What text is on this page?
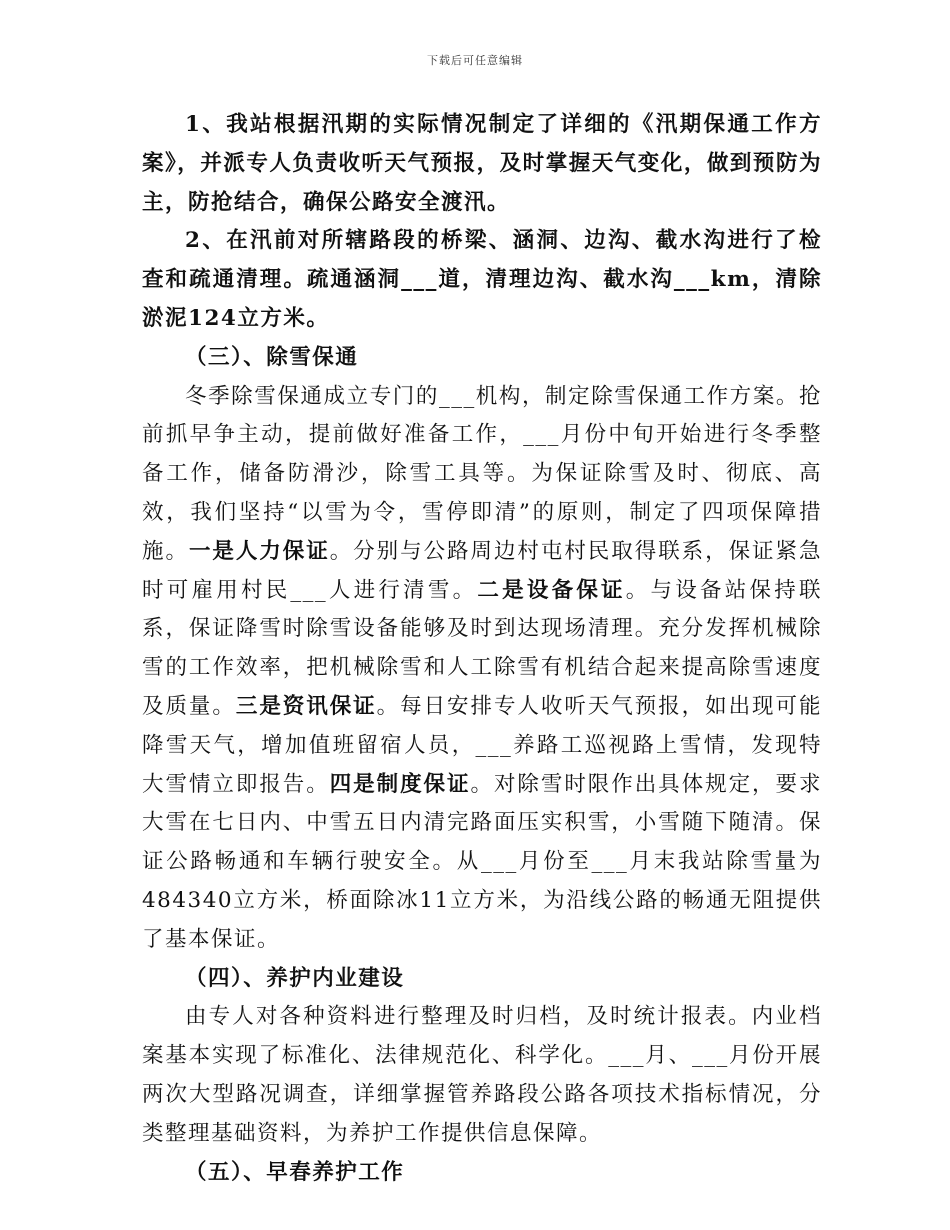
下载后可任意编辑

1、我站根据汛期的实际情况制定了详细的《汛期保通工作方案》，并派专人负责收听天气预报，及时掌握天气变化，做到预防为主，防抢结合，确保公路安全渡汛。

2、在汛前对所辖路段的桥梁、涵洞、边沟、截水沟进行了检查和疏通清理。疏通涵洞___道，清理边沟、截水沟___km，清除淤泥124立方米。

（三）、除雪保通

冬季除雪保通成立专门的___机构，制定除雪保通工作方案。抢前抓早争主动，提前做好准备工作，___月份中旬开始进行冬季整备工作，储备防滑沙，除雪工具等。为保证除雪及时、彻底、高效，我们坚持“以雪为令，雪停即清”的原则，制定了四项保障措施。一是人力保证。分别与公路周边村屯村民取得联系，保证紧急时可雇用村民___人进行清雪。二是设备保证。与设备站保持联系，保证降雪时除雪设备能够及时到达现场清理。充分发挥机械除雪的工作效率，把机械除雪和人工除雪有机结合起来提高除雪速度及质量。三是资讯保证。每日安排专人收听天气预报，如出现可能降雪天气，增加值班留宿人员，___养路工巡视路上雪情，发现特大雪情立即报告。四是制度保证。对除雪时限作出具体规定，要求大雪在七日内、中雪五日内清完路面压实积雪，小雪随下随清。保证公路畅通和车辆行驶安全。从___月份至___月末我站除雪量为484340立方米，桥面除冰11立方米，为沿线公路的畅通无阻提供了基本保证。

（四）、养护内业建设

由专人对各种资料进行整理及时归档，及时统计报表。内业档案基本实现了标准化、法律规范化、科学化。___月、___月份开展两次大型路况调查，详细掌握管养路段公路各项技术指标情况，分类整理基础资料，为养护工作提供信息保障。

（五）、早春养护工作
